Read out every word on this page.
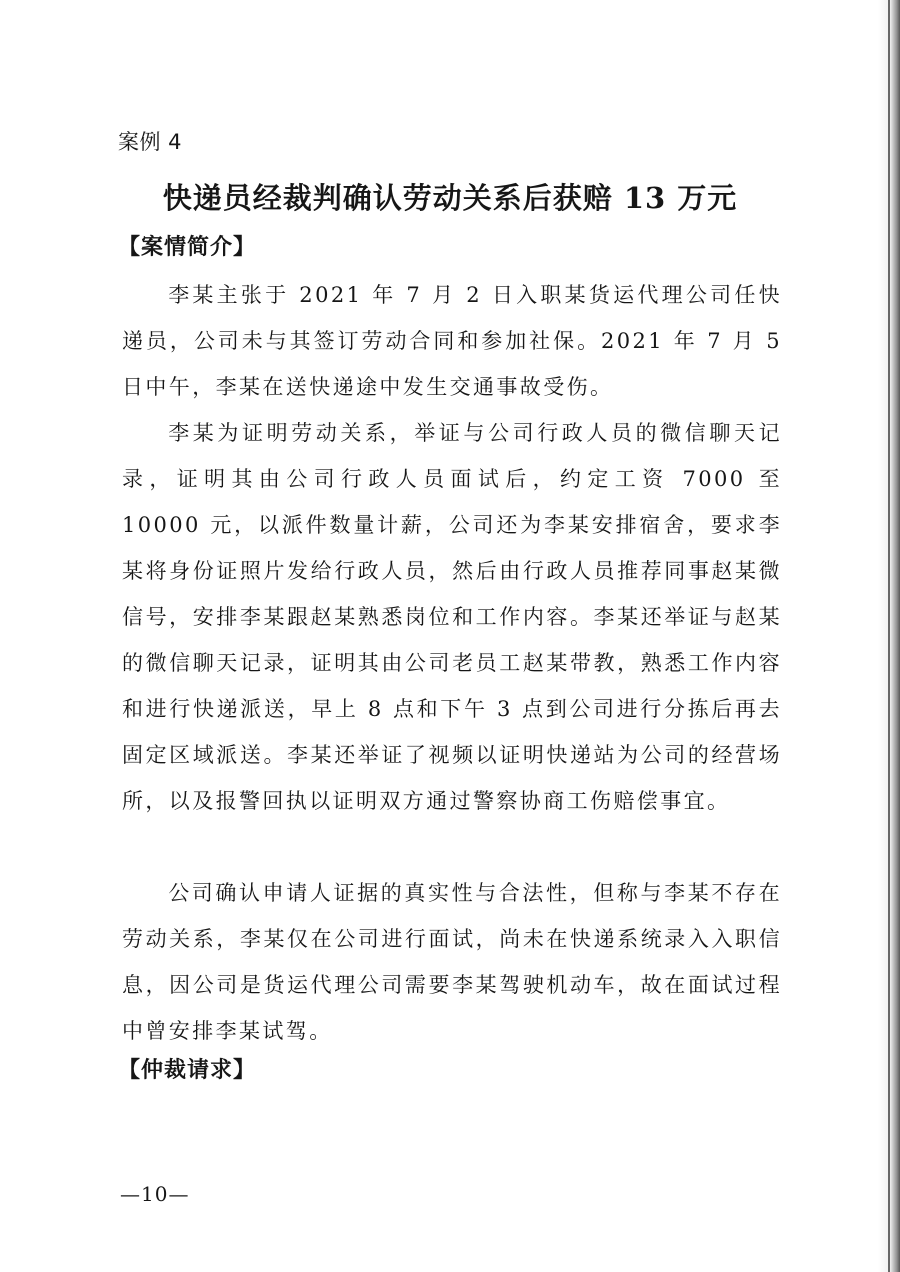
案例 4
快递员经裁判确认劳动关系后获赔 13 万元
【案情简介】

李某主张于 2021 年 7 月 2 日入职某货运代理公司任快递员，公司未与其签订劳动合同和参加社保。2021 年 7 月 5 日中午，李某在送快递途中发生交通事故受伤。

李某为证明劳动关系，举证与公司行政人员的微信聊天记录，证明其由公司行政人员面试后，约定工资 7000 至 10000 元，以派件数量计薪，公司还为李某安排宿舍，要求李某将身份证照片发给行政人员，然后由行政人员推荐同事赵某微信号，安排李某跟赵某熟悉岗位和工作内容。李某还举证与赵某的微信聊天记录，证明其由公司老员工赵某带教，熟悉工作内容和进行快递派送，早上 8 点和下午 3 点到公司进行分拣后再去固定区域派送。李某还举证了视频以证明快递站为公司的经营场所，以及报警回执以证明双方通过警察协商工伤赔偿事宜。

公司确认申请人证据的真实性与合法性，但称与李某不存在劳动关系，李某仅在公司进行面试，尚未在快递系统录入入职信息，因公司是货运代理公司需要李某驾驶机动车，故在面试过程中曾安排李某试驾。

【仲裁请求】
—10—
